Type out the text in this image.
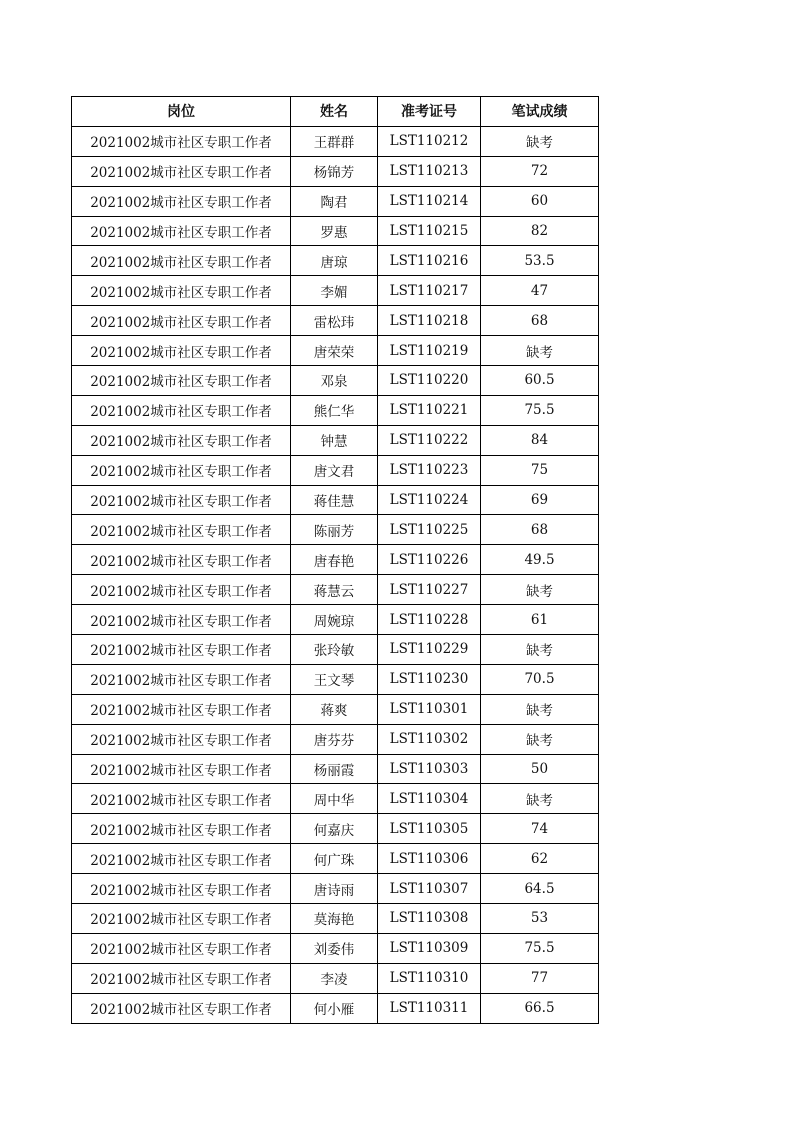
岗位	姓名	准考证号	笔试成绩
2021002城市社区专职工作者	王群群	LST110212	缺考
2021002城市社区专职工作者	杨锦芳	LST110213	72
2021002城市社区专职工作者	陶君	LST110214	60
2021002城市社区专职工作者	罗惠	LST110215	82
2021002城市社区专职工作者	唐琼	LST110216	53.5
2021002城市社区专职工作者	李媚	LST110217	47
2021002城市社区专职工作者	雷松玮	LST110218	68
2021002城市社区专职工作者	唐荣荣	LST110219	缺考
2021002城市社区专职工作者	邓泉	LST110220	60.5
2021002城市社区专职工作者	熊仁华	LST110221	75.5
2021002城市社区专职工作者	钟慧	LST110222	84
2021002城市社区专职工作者	唐文君	LST110223	75
2021002城市社区专职工作者	蒋佳慧	LST110224	69
2021002城市社区专职工作者	陈丽芳	LST110225	68
2021002城市社区专职工作者	唐春艳	LST110226	49.5
2021002城市社区专职工作者	蒋慧云	LST110227	缺考
2021002城市社区专职工作者	周婉琼	LST110228	61
2021002城市社区专职工作者	张玲敏	LST110229	缺考
2021002城市社区专职工作者	王文琴	LST110230	70.5
2021002城市社区专职工作者	蒋爽	LST110301	缺考
2021002城市社区专职工作者	唐芬芬	LST110302	缺考
2021002城市社区专职工作者	杨丽霞	LST110303	50
2021002城市社区专职工作者	周中华	LST110304	缺考
2021002城市社区专职工作者	何嘉庆	LST110305	74
2021002城市社区专职工作者	何广珠	LST110306	62
2021002城市社区专职工作者	唐诗雨	LST110307	64.5
2021002城市社区专职工作者	莫海艳	LST110308	53
2021002城市社区专职工作者	刘委伟	LST110309	75.5
2021002城市社区专职工作者	李凌	LST110310	77
2021002城市社区专职工作者	何小雁	LST110311	66.5
